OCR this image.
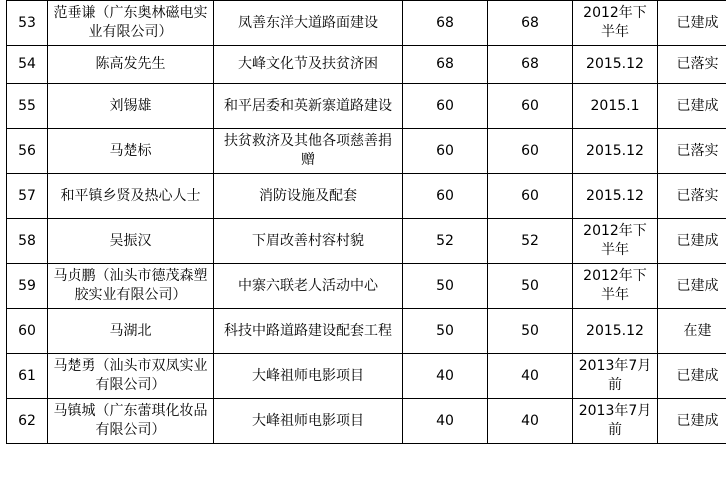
53	范垂谦（广东奥林磁电实业有限公司）	凤善东洋大道路面建设	68	68	2012年下半年	已建成
54	陈高发先生	大峰文化节及扶贫济困	68	68	2015.12	已落实
55	刘锡雄	和平居委和英新寨道路建设	60	60	2015.1	已建成
56	马楚标	扶贫救济及其他各项慈善捐赠	60	60	2015.12	已落实
57	和平镇乡贤及热心人士	消防设施及配套	60	60	2015.12	已落实
58	吴振汉	下眉改善村容村貌	52	52	2012年下半年	已建成
59	马贞鹏（汕头市德茂森塑胶实业有限公司）	中寨六联老人活动中心	50	50	2012年下半年	已建成
60	马湖北	科技中路道路建设配套工程	50	50	2015.12	在建
61	马楚勇（汕头市双凤实业有限公司）	大峰祖师电影项目	40	40	2013年7月前	已建成
62	马镇城（广东蕾琪化妆品有限公司）	大峰祖师电影项目	40	40	2013年7月前	已建成
